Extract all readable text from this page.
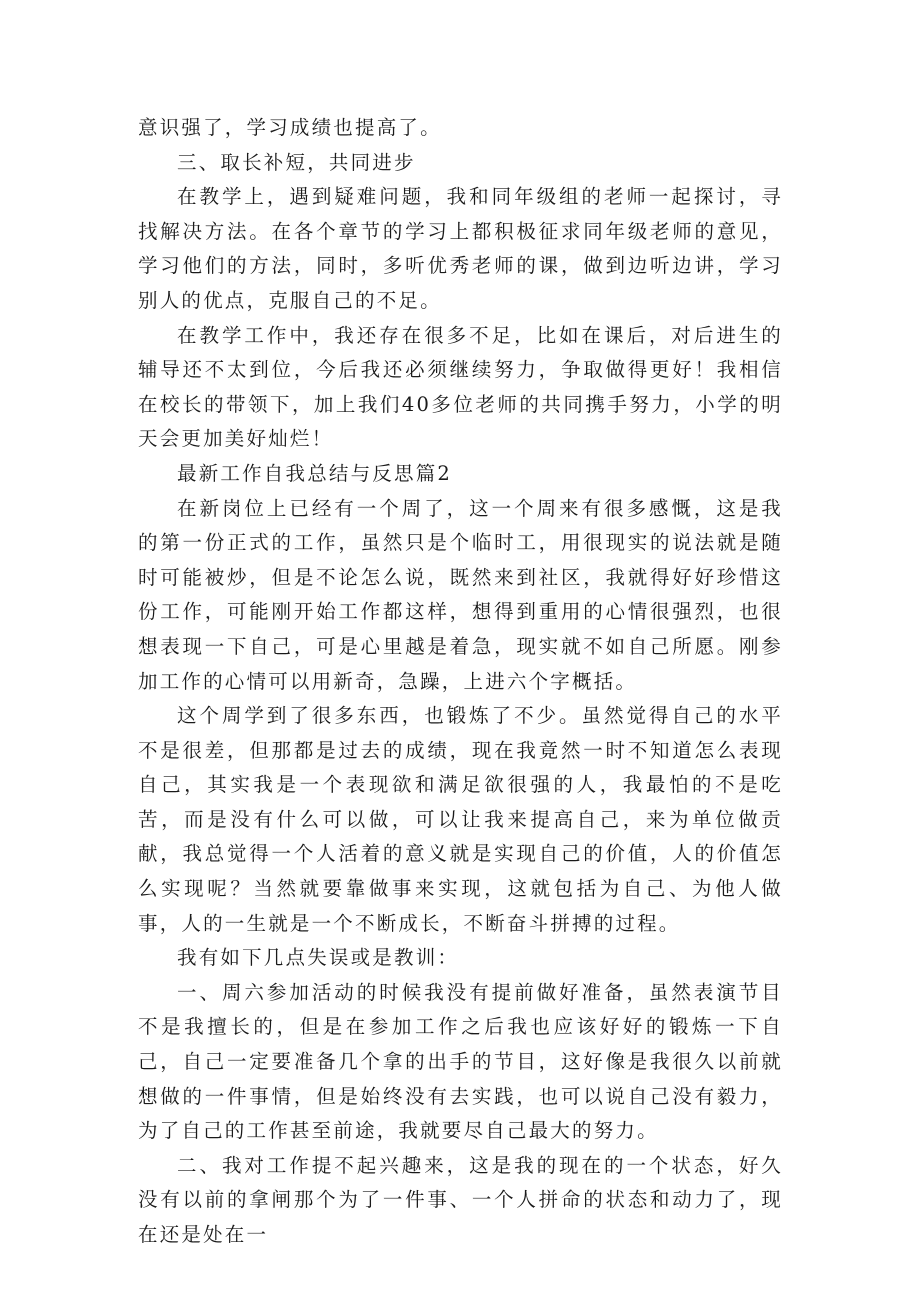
意识强了，学习成绩也提高了。

三、取长补短，共同进步

在教学上，遇到疑难问题，我和同年级组的老师一起探讨，寻找解决方法。在各个章节的学习上都积极征求同年级老师的意见，学习他们的方法，同时，多听优秀老师的课，做到边听边讲，学习别人的优点，克服自己的不足。

在教学工作中，我还存在很多不足，比如在课后，对后进生的辅导还不太到位，今后我还必须继续努力，争取做得更好！我相信在校长的带领下，加上我们40多位老师的共同携手努力，小学的明天会更加美好灿烂！

最新工作自我总结与反思篇2

在新岗位上已经有一个周了，这一个周来有很多感慨，这是我的第一份正式的工作，虽然只是个临时工，用很现实的说法就是随时可能被炒，但是不论怎么说，既然来到社区，我就得好好珍惜这份工作，可能刚开始工作都这样，想得到重用的心情很强烈，也很想表现一下自己，可是心里越是着急，现实就不如自己所愿。刚参加工作的心情可以用新奇，急躁，上进六个字概括。

这个周学到了很多东西，也锻炼了不少。虽然觉得自己的水平不是很差，但那都是过去的成绩，现在我竟然一时不知道怎么表现自己，其实我是一个表现欲和满足欲很强的人，我最怕的不是吃苦，而是没有什么可以做，可以让我来提高自己，来为单位做贡献，我总觉得一个人活着的意义就是实现自己的价值，人的价值怎么实现呢？当然就要靠做事来实现，这就包括为自己、为他人做事，人的一生就是一个不断成长，不断奋斗拼搏的过程。

我有如下几点失误或是教训：

一、周六参加活动的时候我没有提前做好准备，虽然表演节目不是我擅长的，但是在参加工作之后我也应该好好的锻炼一下自己，自己一定要准备几个拿的出手的节目，这好像是我很久以前就想做的一件事情，但是始终没有去实践，也可以说自己没有毅力，为了自己的工作甚至前途，我就要尽自己最大的努力。

二、我对工作提不起兴趣来，这是我的现在的一个状态，好久没有以前的拿闸那个为了一件事、一个人拼命的状态和动力了，现在还是处在一
